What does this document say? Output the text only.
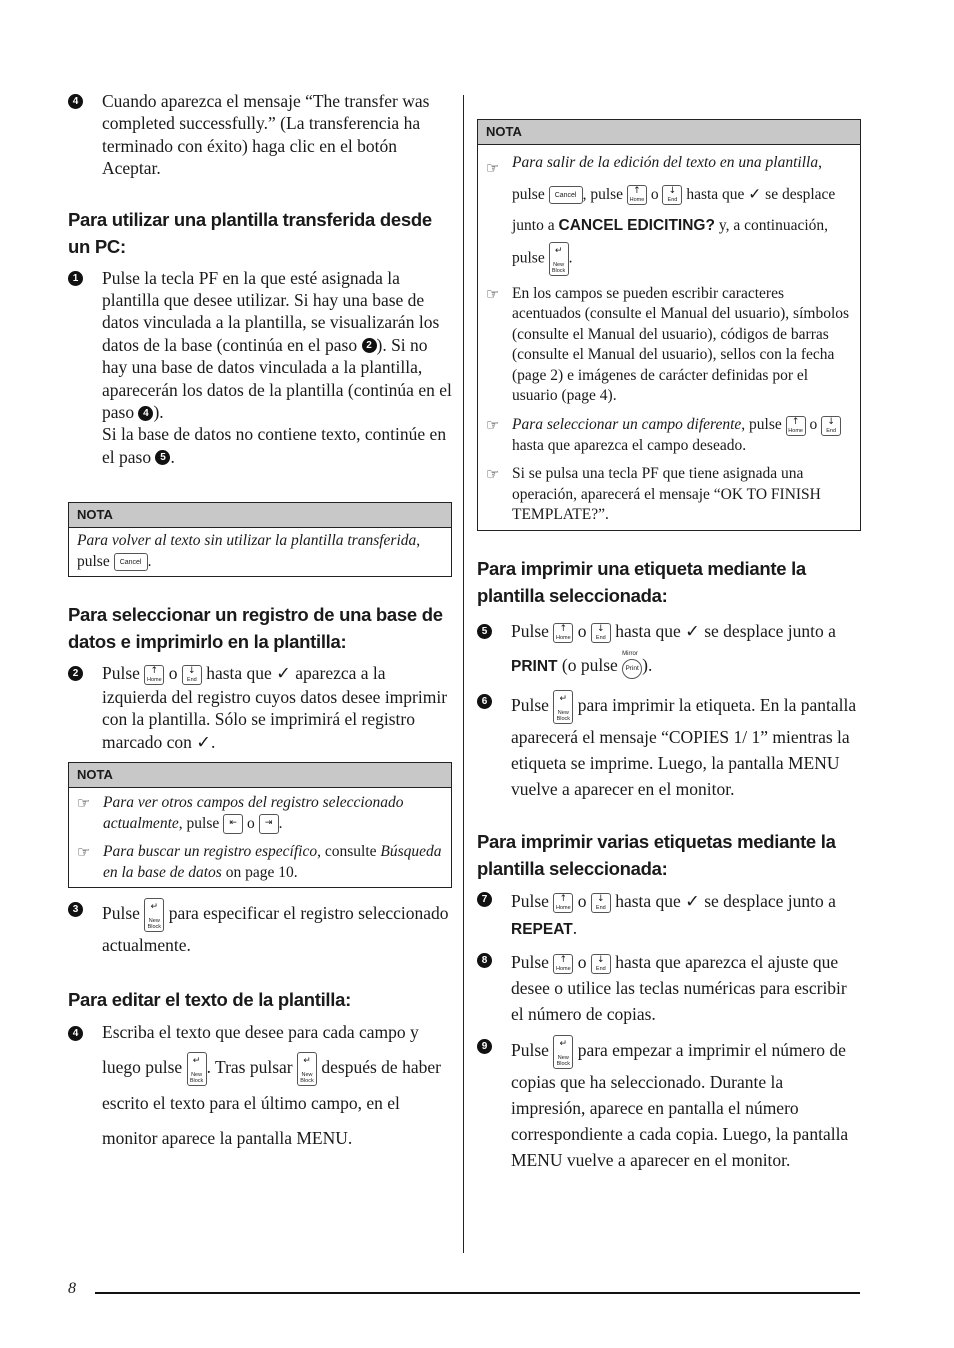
4 Cuando aparezca el mensaje “The transfer was completed successfully.” (La transferencia ha terminado con éxito) haga clic en el botón Aceptar.

Para utilizar una plantilla transferida desde un PC:

1 Pulse la tecla PF en la que esté asignada la plantilla que desee utilizar. Si hay una base de datos vinculada a la plantilla, se visualizarán los datos de la base (continúa en el paso 2 ). Si no hay una base de datos vinculada a la plantilla, aparecerán los datos de la plantilla (continúa en el paso 4 ).
Si la base de datos no contiene texto, continúe en el paso 5 .

NOTA
Para volver al texto sin utilizar la plantilla transferida, pulse	Cancel .

Para seleccionar un registro de una base de datos e imprimirlo en la plantilla:

2 Pulse	↑
Home o	↓
End hasta que ✓ aparezca a la izquierda del registro cuyos datos desee imprimir con la plantilla. Sólo se imprimirá el registro marcado con ✓.

NOTA
☞ Para ver otros campos del registro seleccionado actualmente, pulse	⇤ o	⇥ .
☞ Para buscar un registro específico, consulte Búsqueda en la base de datos on page 10.

3 Pulse	↵
New Block
para especificar el registro seleccionado actualmente.

Para editar el texto de la plantilla:

4 Escriba el texto que desee para cada campo y luego pulse	↵
New Block
. Tras pulsar	↵
New Block
después de haber escrito el texto para el último campo, en el monitor aparece la pantalla MENU.

NOTA
☞ Para salir de la edición del texto en una plantilla, pulse	Cancel , pulse	↑
Home o	↓
End hasta que ✓ se desplace junto a CANCEL EDICITING? y, a continuación, pulse	↵
New Block
.
☞ En los campos se pueden escribir caracteres acentuados (consulte el Manual del usuario), símbolos (consulte el Manual del usuario), códigos de barras (consulte el Manual del usuario), sellos con la fecha (page 2) e imágenes de carácter definidas por el usuario (page 4).
☞ Para seleccionar un campo diferente, pulse	↑
Home o	↓
End
hasta que aparezca el campo deseado.
☞ Si se pulsa una tecla PF que tiene asignada una operación, aparecerá el mensaje “OK TO FINISH TEMPLATE?”.

Para imprimir una etiqueta mediante la plantilla seleccionada:

5 Pulse	↑
Home o	↓
End hasta que ✓ se desplace junto a PRINT (o pulse
Mirror
Print ).

6 Pulse	↵
New Block
para imprimir la etiqueta. En la pantalla aparecerá el mensaje “COPIES 1/ 1” mientras la etiqueta se imprime. Luego, la pantalla MENU vuelve a aparecer en el monitor.

Para imprimir varias etiquetas mediante la plantilla seleccionada:

7 Pulse	↑
Home o	↓
End hasta que ✓ se desplace junto a REPEAT.

8 Pulse	↑
Home o	↓
End hasta que aparezca el ajuste que desee o utilice las teclas numéricas para escribir el número de copias.

9 Pulse	↵
New Block
para empezar a imprimir el número de copias que ha seleccionado. Durante la impresión, aparece en pantalla el número correspondiente a cada copia. Luego, la pantalla MENU vuelve a aparecer en el monitor.

8
